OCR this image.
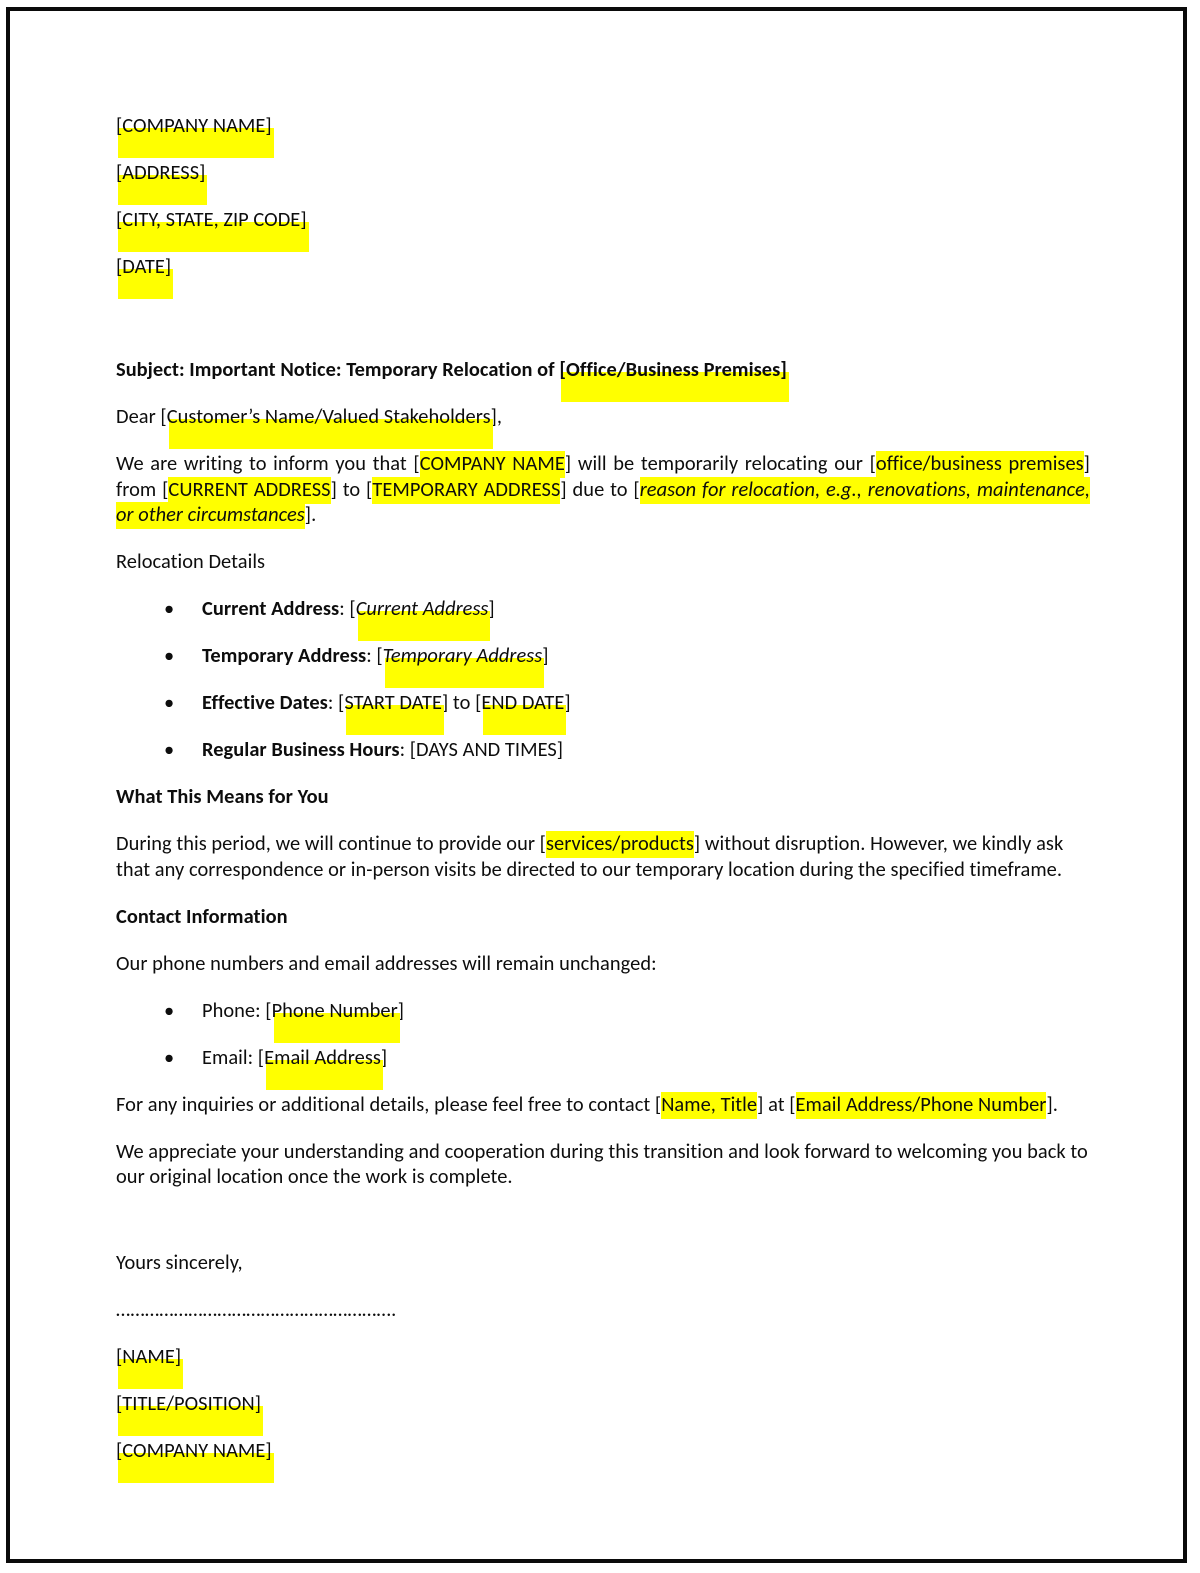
[COMPANY NAME]

[ADDRESS]

[CITY, STATE, ZIP CODE]

[DATE]

Subject: Important Notice: Temporary Relocation of [Office/Business Premises]

Dear [Customer’s Name/Valued Stakeholders],

We are writing to inform you that [COMPANY NAME] will be temporarily relocating our [office/business premises] from [CURRENT ADDRESS] to [TEMPORARY ADDRESS] due to [reason for relocation, e.g., renovations, maintenance, or other circumstances].

Relocation Details

• Current Address: [Current Address]
• Temporary Address: [Temporary Address]
• Effective Dates: [START DATE] to [END DATE]
• Regular Business Hours: [DAYS AND TIMES]

What This Means for You

During this period, we will continue to provide our [services/products] without disruption. However, we kindly ask that any correspondence or in-person visits be directed to our temporary location during the specified timeframe.

Contact Information

Our phone numbers and email addresses will remain unchanged:

• Phone: [Phone Number]
• Email: [Email Address]

For any inquiries or additional details, please feel free to contact [Name, Title] at [Email Address/Phone Number].

We appreciate your understanding and cooperation during this transition and look forward to welcoming you back to our original location once the work is complete.

Yours sincerely,

………………………………………………….

[NAME]

[TITLE/POSITION]

[COMPANY NAME]
